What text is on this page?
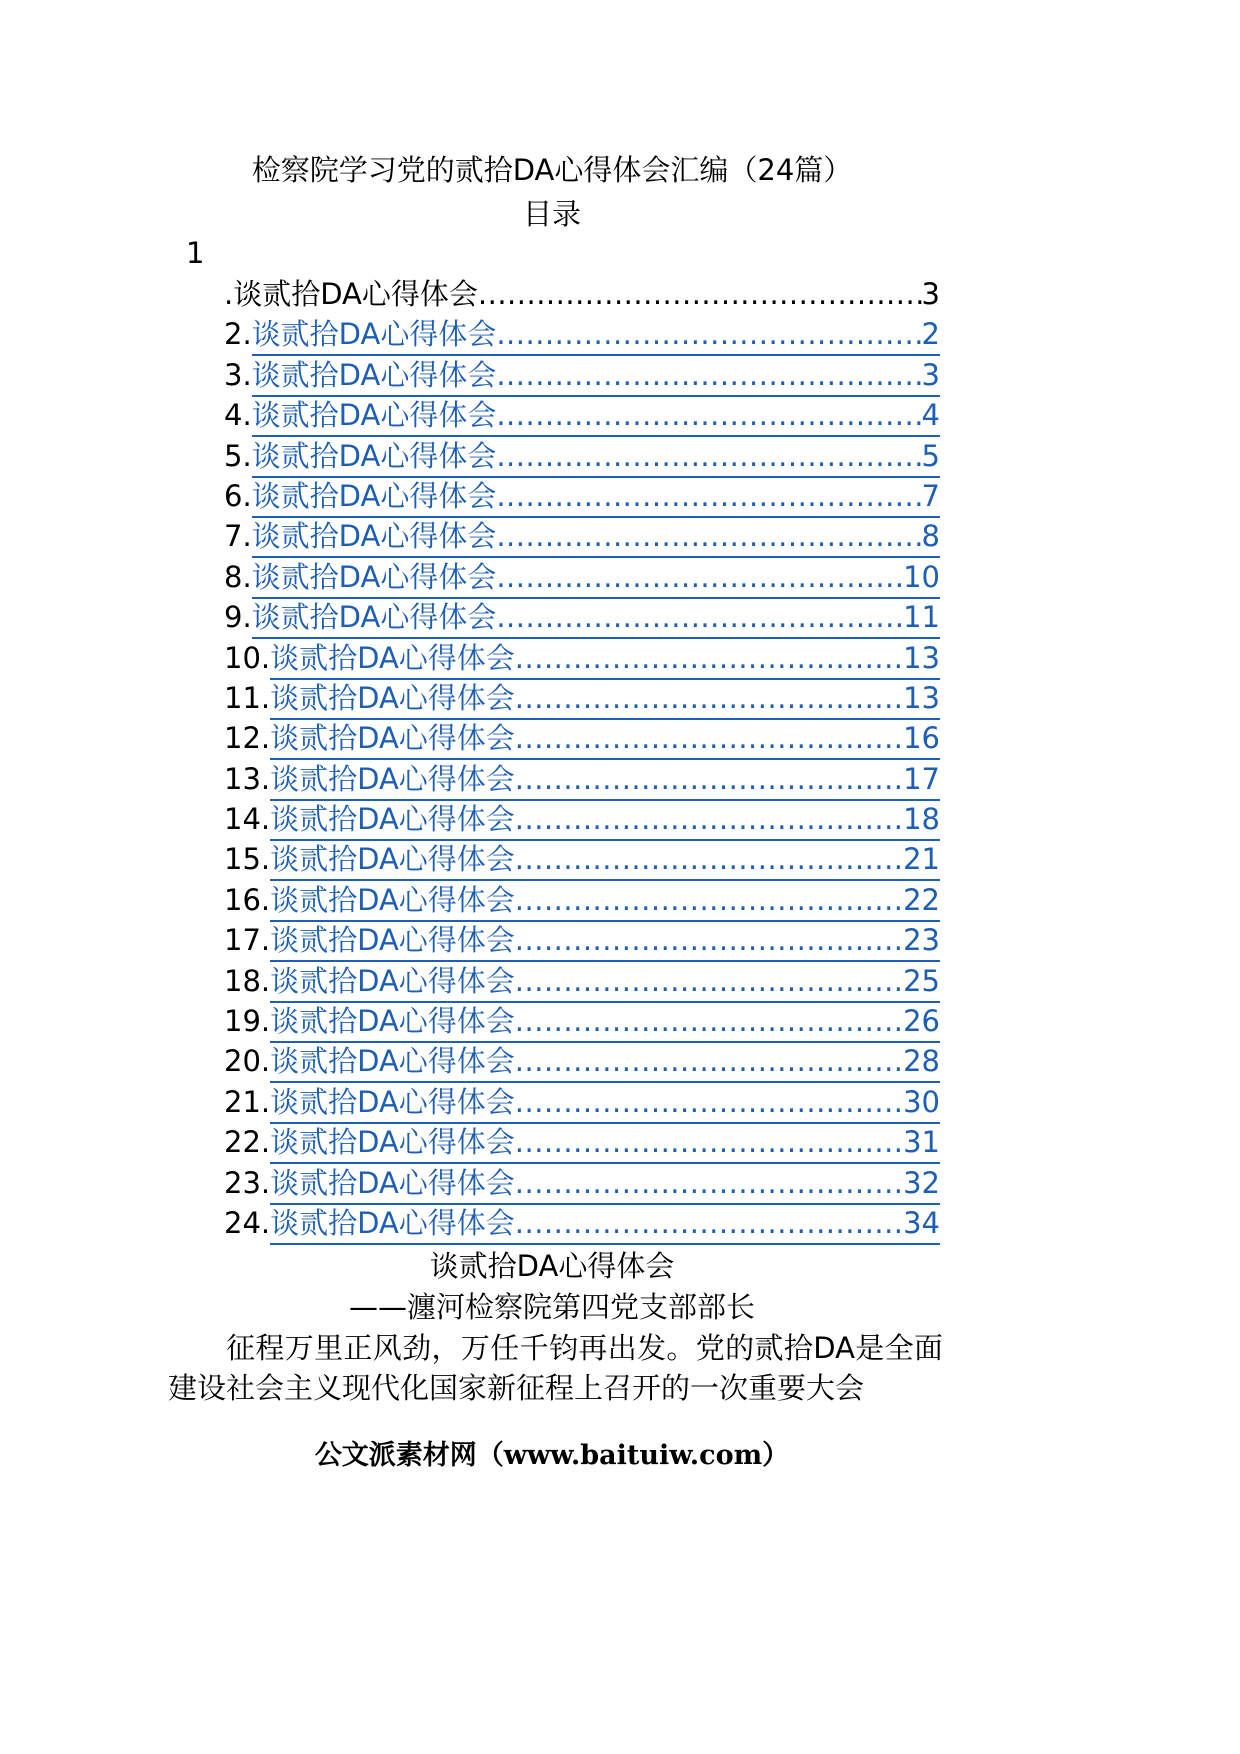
检察院学习党的贰拾DA心得体会汇编（24篇）
目录
1
. 谈贰拾DA心得体会 .....	3
2. 谈贰拾DA心得体会 .....	2
3. 谈贰拾DA心得体会 .....	3
4. 谈贰拾DA心得体会 .....	4
5. 谈贰拾DA心得体会 .....	5
6. 谈贰拾DA心得体会 .....	7
7. 谈贰拾DA心得体会 .....	8
8. 谈贰拾DA心得体会 .....	10
9. 谈贰拾DA心得体会 .....	11
10. 谈贰拾DA心得体会 .....	13
11. 谈贰拾DA心得体会 .....	13
12. 谈贰拾DA心得体会 .....	16
13. 谈贰拾DA心得体会 .....	17
14. 谈贰拾DA心得体会 .....	18
15. 谈贰拾DA心得体会 .....	21
16. 谈贰拾DA心得体会 .....	22
17. 谈贰拾DA心得体会 .....	23
18. 谈贰拾DA心得体会 .....	25
19. 谈贰拾DA心得体会 .....	26
20. 谈贰拾DA心得体会 .....	28
21. 谈贰拾DA心得体会 .....	30
22. 谈贰拾DA心得体会 .....	31
23. 谈贰拾DA心得体会 .....	32
24. 谈贰拾DA心得体会 .....	34
谈贰拾DA心得体会
——瀍河检察院第四党支部部长
征程万里正风劲，万任千钧再出发。党的贰拾DA是全面建设社会主义现代化国家新征程上召开的一次重要大会
公文派素材网（www.baituiw.com）
